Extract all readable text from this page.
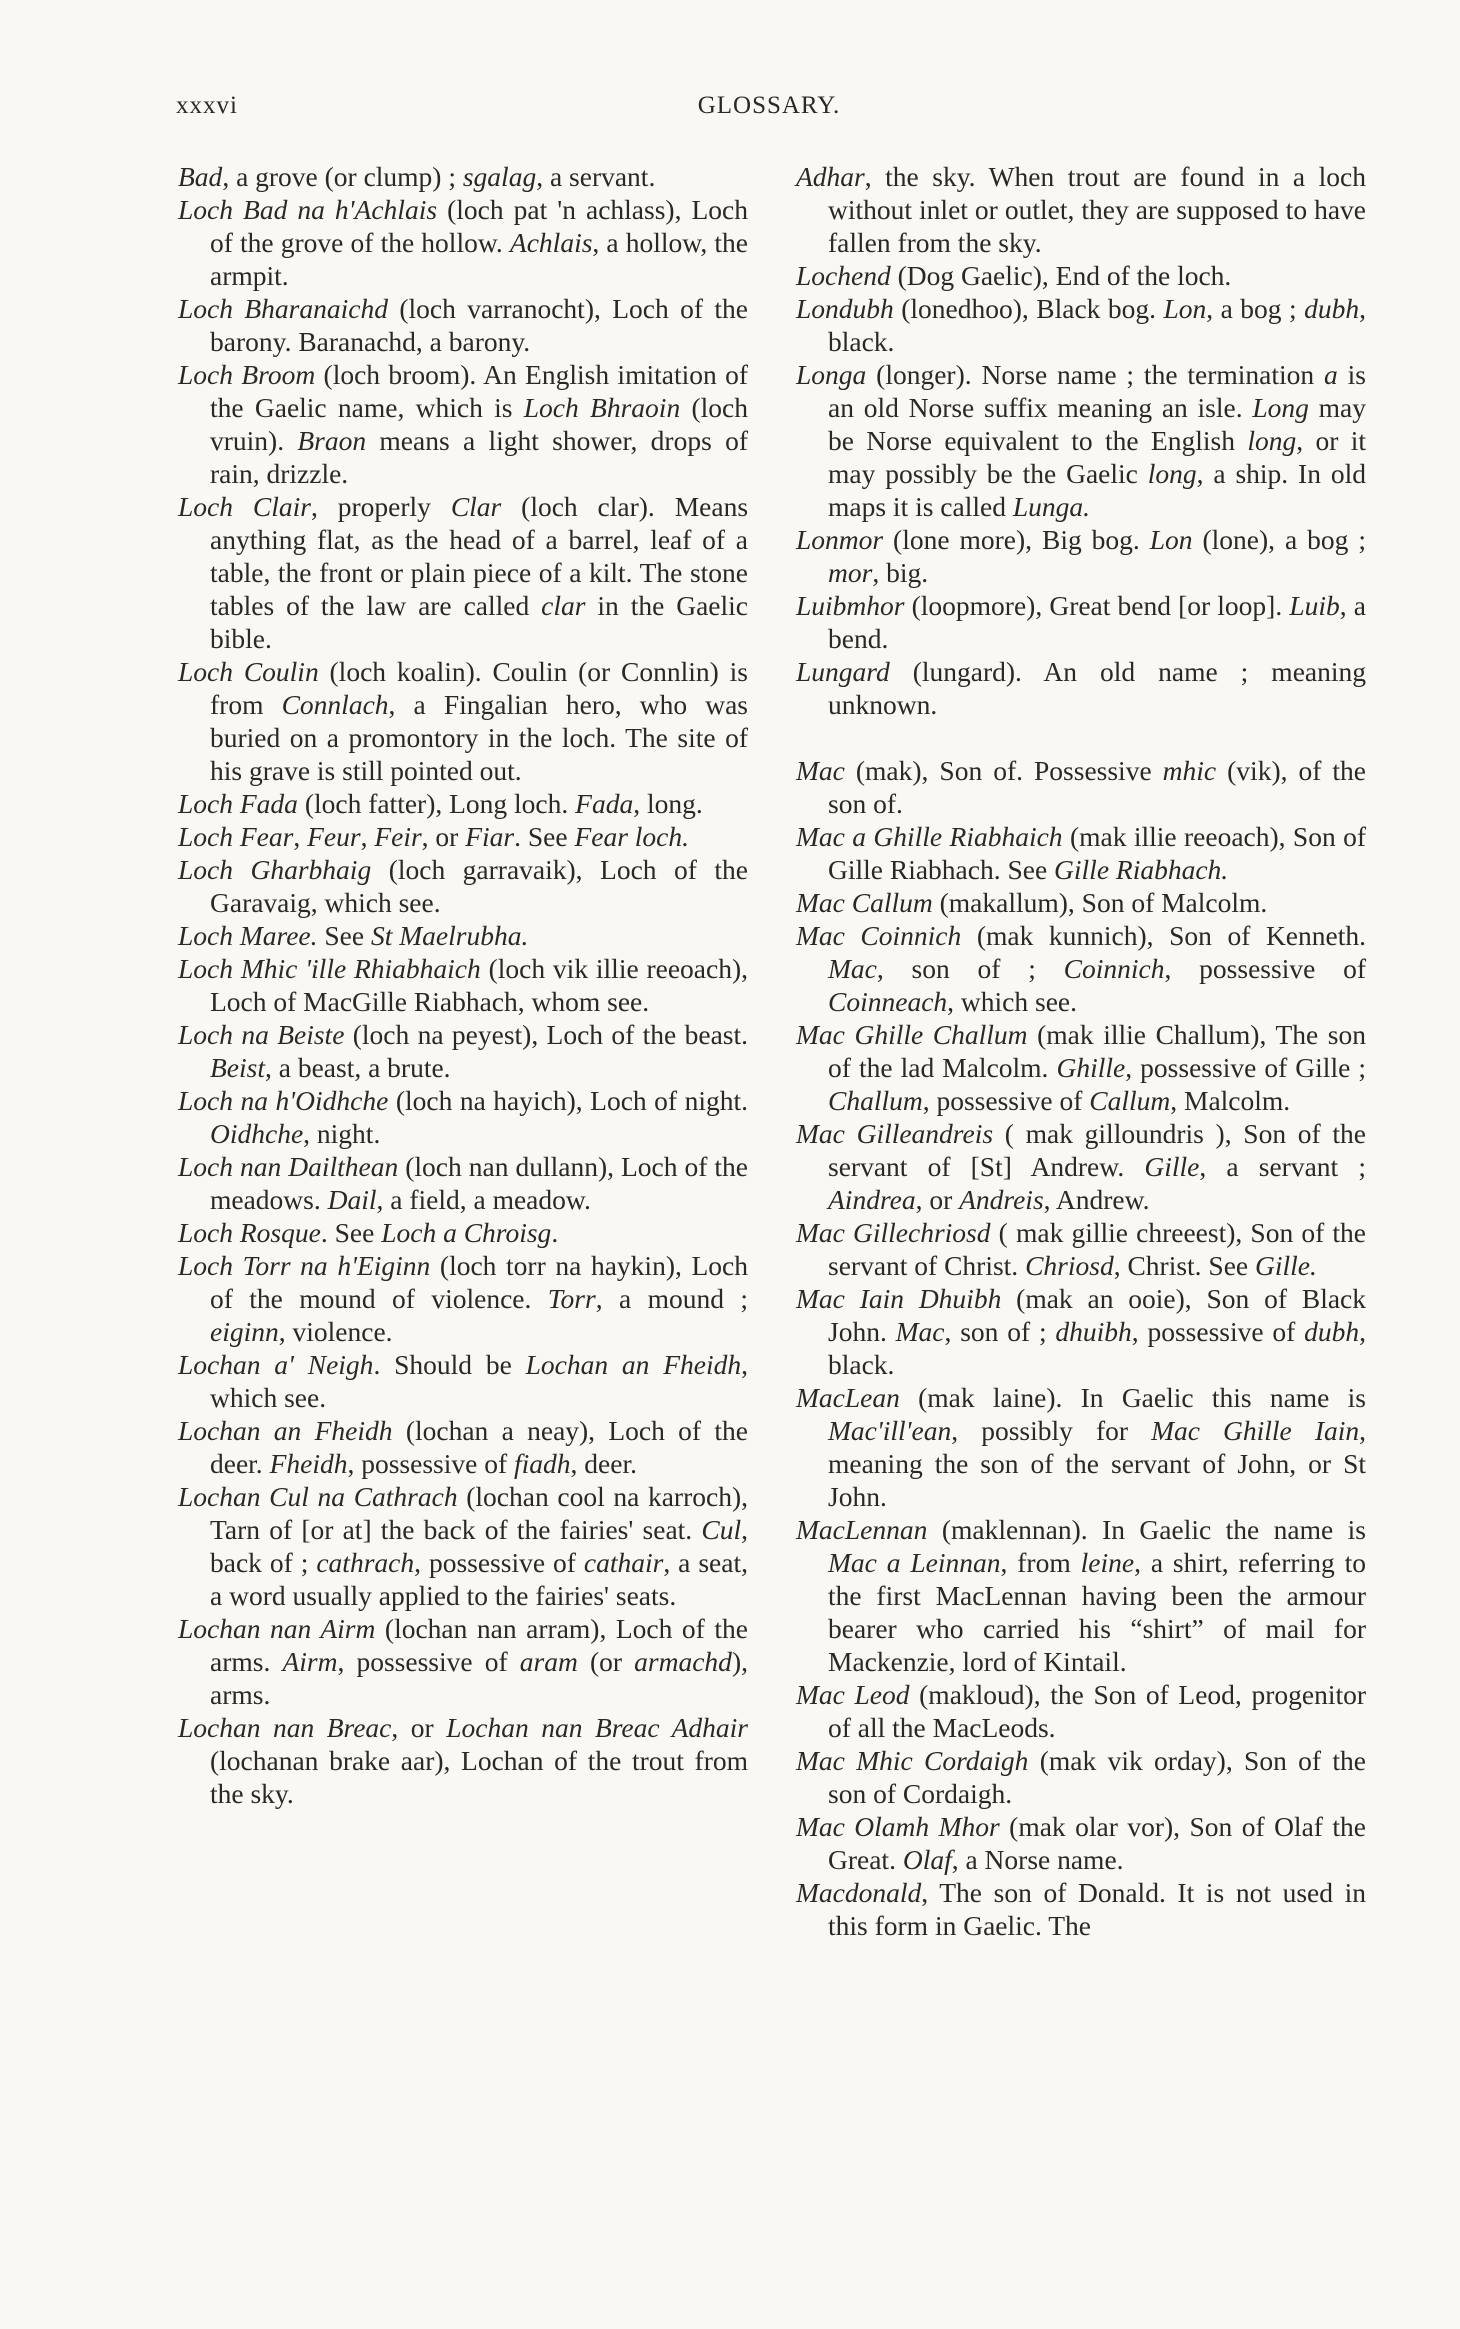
xxxvi	GLOSSARY.

Bad, a grove (or clump) ; sgalag, a servant.

Loch Bad na h'Achlais (loch pat 'n achlass), Loch of the grove of the hollow. Achlais, a hollow, the armpit.

Loch Bharanaichd (loch varranocht), Loch of the barony. Baranachd, a barony.

Loch Broom (loch broom). An English imitation of the Gaelic name, which is Loch Bhraoin (loch vruin). Braon means a light shower, drops of rain, drizzle.

Loch Clair, properly Clar (loch clar). Means anything flat, as the head of a barrel, leaf of a table, the front or plain piece of a kilt. The stone tables of the law are called clar in the Gaelic bible.

Loch Coulin (loch koalin). Coulin (or Connlin) is from Connlach, a Fingalian hero, who was buried on a promontory in the loch. The site of his grave is still pointed out.

Loch Fada (loch fatter), Long loch. Fada, long.

Loch Fear, Feur, Feir, or Fiar. See Fear loch.

Loch Gharbhaig (loch garravaik), Loch of the Garavaig, which see.

Loch Maree. See St Maelrubha.

Loch Mhic 'ille Rhiabhaich (loch vik illie reeoach), Loch of MacGille Riabhach, whom see.

Loch na Beiste (loch na peyest), Loch of the beast. Beist, a beast, a brute.

Loch na h'Oidhche (loch na hayich), Loch of night. Oidhche, night.

Loch nan Dailthean (loch nan dullann), Loch of the meadows. Dail, a field, a meadow.

Loch Rosque. See Loch a Chroisg.

Loch Torr na h'Eiginn (loch torr na haykin), Loch of the mound of violence. Torr, a mound ; eiginn, violence.

Lochan a' Neigh. Should be Lochan an Fheidh, which see.

Lochan an Fheidh (lochan a neay), Loch of the deer. Fheidh, possessive of fiadh, deer.

Lochan Cul na Cathrach (lochan cool na karroch), Tarn of [or at] the back of the fairies' seat. Cul, back of ; cathrach, possessive of cathair, a seat, a word usually applied to the fairies' seats.

Lochan nan Airm (lochan nan arram), Loch of the arms. Airm, possessive of aram (or armachd), arms.

Lochan nan Breac, or Lochan nan Breac Adhair (lochanan brake aar), Lochan of the trout from the sky.

Adhar, the sky. When trout are found in a loch without inlet or outlet, they are supposed to have fallen from the sky.

Lochend (Dog Gaelic), End of the loch.

Londubh (lonedhoo), Black bog. Lon, a bog ; dubh, black.

Longa (longer). Norse name ; the termination a is an old Norse suffix meaning an isle. Long may be Norse equivalent to the English long, or it may possibly be the Gaelic long, a ship. In old maps it is called Lunga.

Lonmor (lone more), Big bog. Lon (lone), a bog ; mor, big.

Luibmhor (loopmore), Great bend [or loop]. Luib, a bend.

Lungard (lungard). An old name ; meaning unknown.

Mac (mak), Son of. Possessive mhic (vik), of the son of.

Mac a Ghille Riabhaich (mak illie reeoach), Son of Gille Riabhach. See Gille Riabhach.

Mac Callum (makallum), Son of Malcolm.

Mac Coinnich (mak kunnich), Son of Kenneth. Mac, son of ; Coinnich, possessive of Coinneach, which see.

Mac Ghille Challum (mak illie Challum), The son of the lad Malcolm. Ghille, possessive of Gille ; Challum, possessive of Callum, Malcolm.

Mac Gilleandreis ( mak gilloundris ), Son of the servant of [St] Andrew. Gille, a servant ; Aindrea, or Andreis, Andrew.

Mac Gillechriosd ( mak gillie chreeest), Son of the servant of Christ. Chriosd, Christ. See Gille.

Mac Iain Dhuibh (mak an ooie), Son of Black John. Mac, son of ; dhuibh, possessive of dubh, black.

MacLean (mak laine). In Gaelic this name is Mac'ill'ean, possibly for Mac Ghille Iain, meaning the son of the servant of John, or St John.

MacLennan (maklennan). In Gaelic the name is Mac a Leinnan, from leine, a shirt, referring to the first MacLennan having been the armour bearer who carried his “shirt” of mail for Mackenzie, lord of Kintail.

Mac Leod (makloud), the Son of Leod, progenitor of all the MacLeods.

Mac Mhic Cordaigh (mak vik orday), Son of the son of Cordaigh.

Mac Olamh Mhor (mak olar vor), Son of Olaf the Great. Olaf, a Norse name.

Macdonald, The son of Donald. It is not used in this form in Gaelic. The
